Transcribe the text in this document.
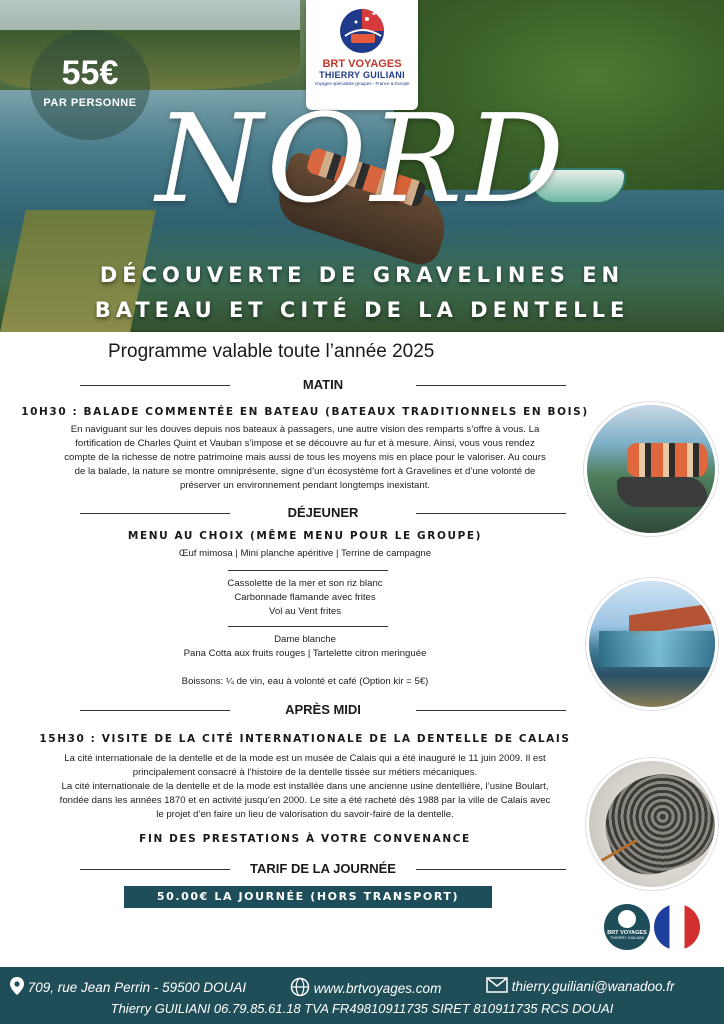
55€
PAR PERSONNE
BRT VOYAGES
THIERRY GUILIANI
Voyages spécialiste groupes - France & Europe
NORD
DÉCOUVERTE DE GRAVELINES EN
BATEAU ET CITÉ DE LA DENTELLE
Programme valable toute l’année 2025
MATIN
10H30 : BALADE COMMENTÉE EN BATEAU (BATEAUX TRADITIONNELS EN BOIS)
En naviguant sur les douves depuis nos bateaux à passagers, une autre vision des remparts s’offre à vous. La
fortification de Charles Quint et Vauban s’impose et se découvre au fur et à mesure. Ainsi, vous vous rendez
compte de la richesse de notre patrimoine mais aussi de tous les moyens mis en place pour le valoriser. Au cours
de la balade, la nature se montre omniprésente, signe d’un écosystème fort à Gravelines et d’une volonté de
préserver un environnement pendant longtemps inexistant.
DÉJEUNER
MENU AU CHOIX (MÊME MENU POUR LE GROUPE)
Œuf mimosa | Mini planche apéritive | Terrine de campagne
Cassolette de la mer et son riz blanc
Carbonnade flamande avec frites
Vol au Vent frites
Dame blanche
Pana Cotta aux fruits rouges | Tartelette citron meringuée
Boissons: ¼ de vin, eau à volonté et café (Option kir = 5€)
APRÈS MIDI
15H30 : VISITE DE LA CITÉ INTERNATIONALE DE LA DENTELLE DE CALAIS
La cité internationale de la dentelle et de la mode est un musée de Calais qui a été inauguré le 11 juin 2009. Il est
principalement consacré à l’histoire de la dentelle tissée sur métiers mécaniques.
La cité internationale de la dentelle et de la mode est installée dans une ancienne usine dentellière, l’usine Boulart,
fondée dans les années 1870 et en activité jusqu’en 2000. Le site a été racheté dès 1988 par la ville de Calais avec
le projet d’en faire un lieu de valorisation du savoir-faire de la dentelle.
FIN DES PRESTATIONS À VOTRE CONVENANCE
TARIF DE LA JOURNÉE
50.00€ LA JOURNÉE (HORS TRANSPORT)
BRT VOYAGES
THIERRY GUILIANI
709, rue Jean Perrin - 59500 DOUAI	www.brtvoyages.com	thierry.guiliani@wanadoo.fr
Thierry GUILIANI 06.79.85.61.18 TVA FR49810911735 SIRET 810911735 RCS DOUAI
